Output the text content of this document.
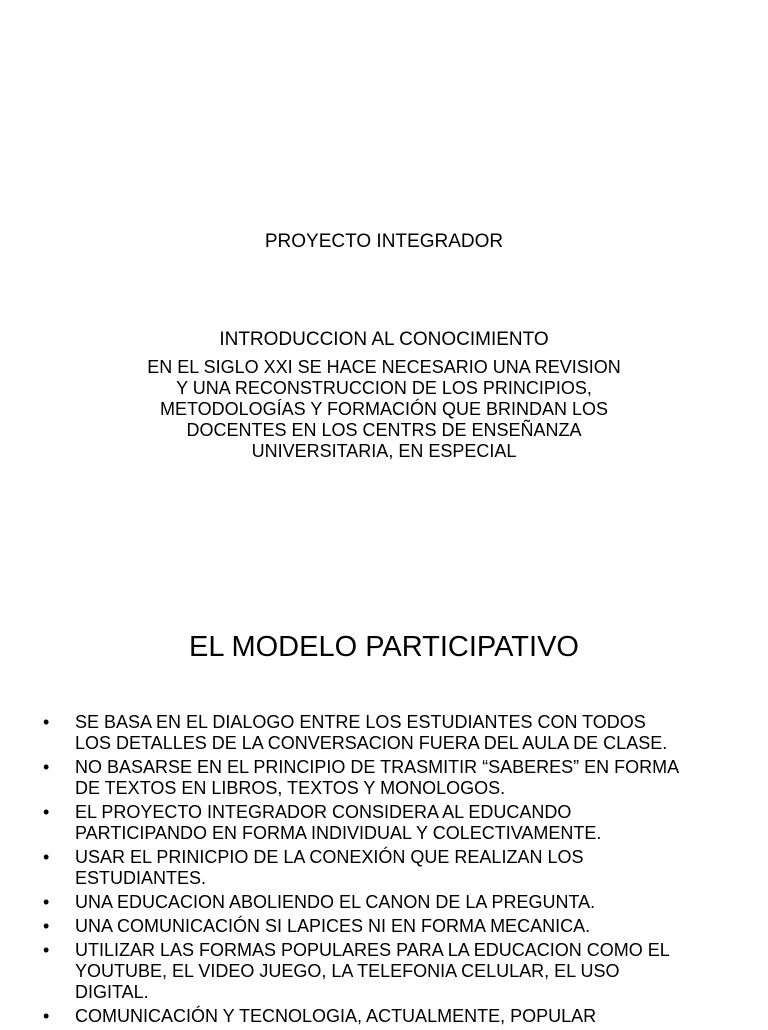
PROYECTO INTEGRADOR
INTRODUCCION AL CONOCIMIENTO
EN EL SIGLO XXI SE HACE NECESARIO UNA REVISION
Y UNA RECONSTRUCCION DE LOS PRINCIPIOS,
METODOLOGÍAS Y FORMACIÓN QUE BRINDAN LOS
DOCENTES EN LOS CENTRS DE ENSEÑANZA
UNIVERSITARIA, EN ESPECIAL
EL MODELO PARTICIPATIVO
• SE BASA EN EL DIALOGO ENTRE LOS ESTUDIANTES CON TODOS
LOS DETALLES DE LA CONVERSACION FUERA DEL AULA DE CLASE.
• NO BASARSE EN EL PRINCIPIO DE TRASMITIR “SABERES” EN FORMA
DE TEXTOS EN LIBROS, TEXTOS Y MONOLOGOS.
• EL PROYECTO INTEGRADOR CONSIDERA AL EDUCANDO
PARTICIPANDO EN FORMA INDIVIDUAL Y COLECTIVAMENTE.
• USAR EL PRINICPIO DE LA CONEXIÓN QUE REALIZAN LOS
ESTUDIANTES.
• UNA EDUCACION ABOLIENDO EL CANON DE LA PREGUNTA.
• UNA COMUNICACIÓN SI LAPICES NI EN FORMA MECANICA.
• UTILIZAR LAS FORMAS POPULARES PARA LA EDUCACION COMO EL
YOUTUBE, EL VIDEO JUEGO, LA TELEFONIA CELULAR, EL USO
DIGITAL.
• COMUNICACIÓN Y TECNOLOGIA, ACTUALMENTE, POPULAR
